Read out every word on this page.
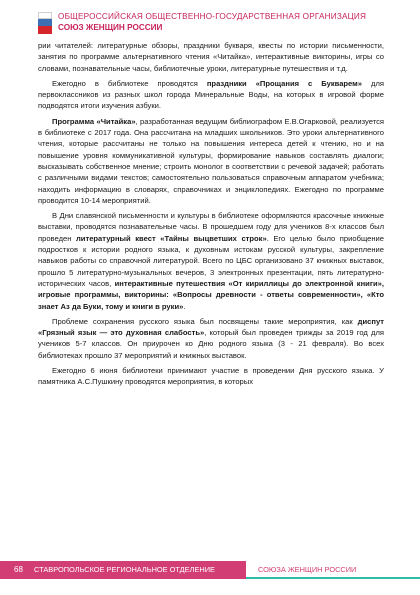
ОБЩЕРОССИЙСКАЯ ОБЩЕСТВЕННО-ГОСУДАРСТВЕННАЯ ОРГАНИЗАЦИЯ
СОЮЗ ЖЕНЩИН РОССИИ

рии читателей: литературные обзоры, праздники букваря, квесты по истории письменности, занятия по программе альтернативного чтения «Читайка», интерактивные викторины, игры со словами, познавательные часы, библиотечные уроки, литературные путешествия и т.д.

Ежегодно в библиотеке проводятся праздники «Прощания с Букварем» для первоклассников из разных школ города Минеральные Воды, на которых в игровой форме подводятся итоги изучения азбуки.

Программа «Читайка», разработанная ведущим библиографом Е.В.Огарковой, реализуется в библиотеке с 2017 года. Она рассчитана на младших школьников. Это уроки альтернативного чтения, которые рассчитаны не только на повышения интереса детей к чтению, но и на повышение уровня коммуникативной культуры, формирование навыков составлять диалоги; высказывать собственное мнение; строить монолог в соответствии с речевой задачей; работать с различными видами текстов; самостоятельно пользоваться справочным аппаратом учебника; находить информацию в словарях, справочниках и энциклопедиях. Ежегодно по программе проводится 10-14 мероприятий.

В Дни славянской письменности и культуры в библиотеке оформляются красочные книжные выставки, проводятся познавательные часы. В прошедшем году для учеников 8-х классов был проведен литературный квест «Тайны выцветших строк». Его целью было приобщение подростков к истории родного языка, к духовным истокам русской культуры, закрепление навыков работы со справочной литературой. Всего по ЦБС организовано 37 книжных выставок, прошло 5 литературно-музыкальных вечеров, 3 электронных презентации, пять литературно-исторических часов, интерактивные путешествия «От кириллицы до электронной книги», игровые программы, викторины: «Вопросы древности - ответы современности», «Кто знает Аз да Буки, тому и книги в руки».

Проблеме сохранения русского языка был посвящены такие мероприятия, как диспут «Грязный язык — это духовная слабость», который был проведен трижды за 2019 год для учеников 5-7 классов. Он приурочен ко Дню родного языка (3 - 21 февраля). Во всех библиотеках прошло 37 мероприятий и книжных выставок.

Ежегодно 6 июня библиотеки принимают участие в проведении Дня русского языка. У памятника А.С.Пушкину проводятся мероприятия, в которых

68 СТАВРОПОЛЬСКОЕ РЕГИОНАЛЬНОЕ ОТДЕЛЕНИЕ	СОЮЗА ЖЕНЩИН РОССИИ
